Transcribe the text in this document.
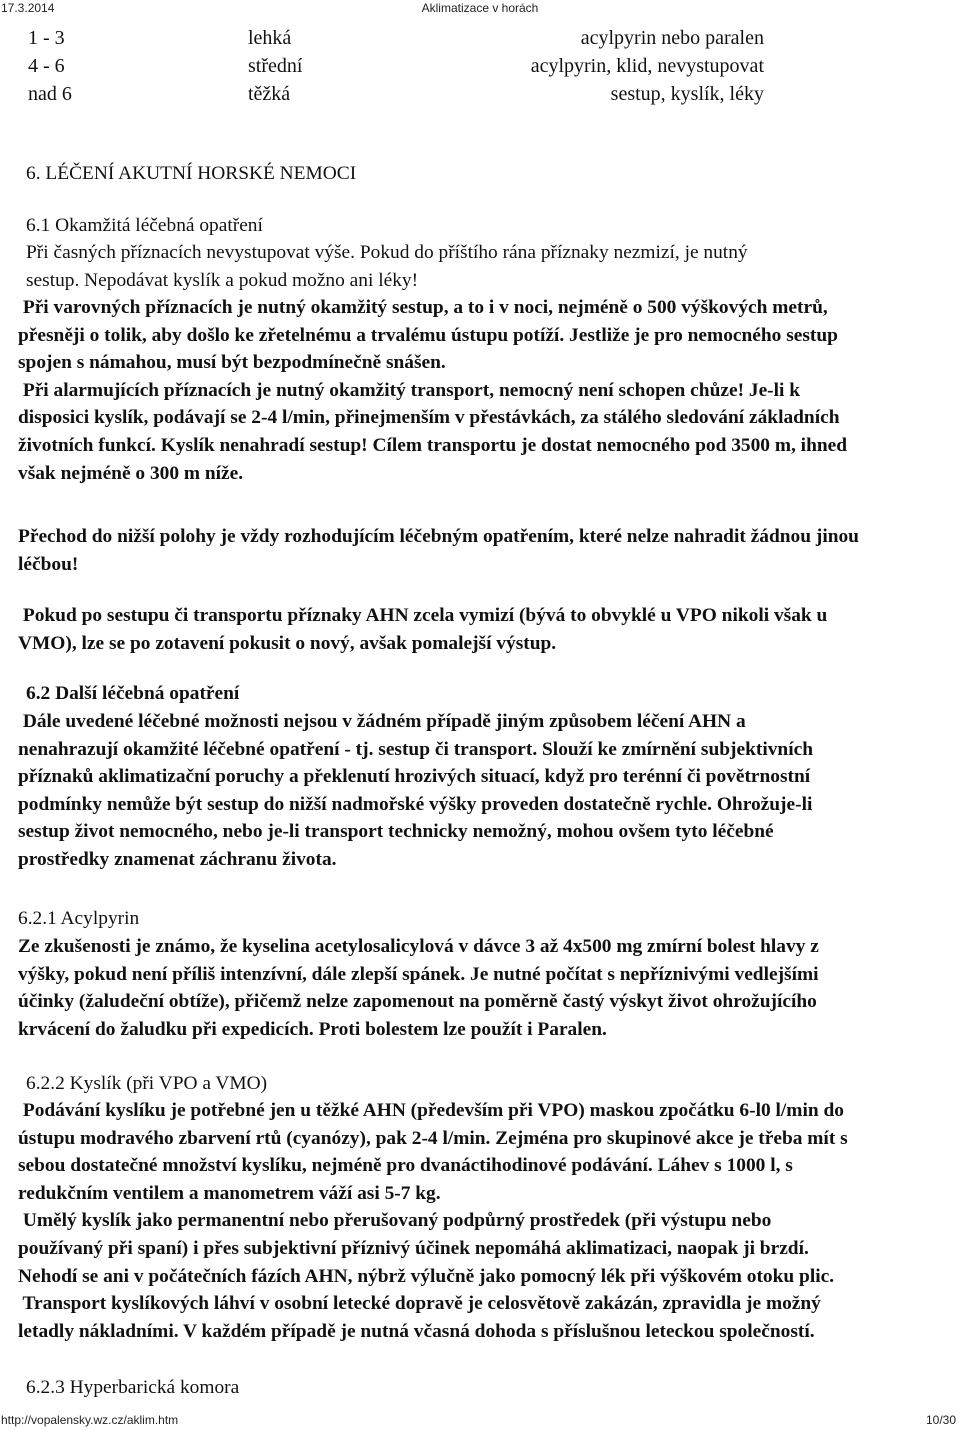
17.3.2014	Aklimatizace v horách
1 - 3	lehká	acylpyrin nebo paralen
4 - 6	střední	acylpyrin, klid, nevystupovat
nad 6	těžká	sestup, kyslík, léky
6. LÉČENÍ AKUTNÍ HORSKÉ NEMOCI
6.1 Okamžitá léčebná opatření
Při časných příznacích nevystupovat výše. Pokud do příštího rána příznaky nezmizí, je nutný
sestup. Nepodávat kyslík a pokud možno ani léky!
Při varovných příznacích je nutný okamžitý sestup, a to i v noci, nejméně o 500 výškových metrů,
přesněji o tolik, aby došlo ke zřetelnému a trvalému ústupu potíží. Jestliže je pro nemocného sestup
spojen s námahou, musí být bezpodmínečně snášen.
Při alarmujících příznacích je nutný okamžitý transport, nemocný není schopen chůze! Je-li k
disposici kyslík, podávají se 2-4 l/min, přinejmenším v přestávkách, za stálého sledování základních
životních funkcí. Kyslík nenahradí sestup! Cílem transportu je dostat nemocného pod 3500 m, ihned
však nejméně o 300 m níže.
Přechod do nižší polohy je vždy rozhodujícím léčebným opatřením, které nelze nahradit žádnou jinou
léčbou!
Pokud po sestupu či transportu příznaky AHN zcela vymizí (bývá to obvyklé u VPO nikoli však u
VMO), lze se po zotavení pokusit o nový, avšak pomalejší výstup.
6.2 Další léčebná opatření
Dále uvedené léčebné možnosti nejsou v žádném případě jiným způsobem léčení AHN a
nenahrazují okamžité léčebné opatření - tj. sestup či transport. Slouží ke zmírnění subjektivních
příznaků aklimatizační poruchy a překlenutí hrozivých situací, když pro terénní či povětrnostní
podmínky nemůže být sestup do nižší nadmořské výšky proveden dostatečně rychle. Ohrožuje-li
sestup život nemocného, nebo je-li transport technicky nemožný, mohou ovšem tyto léčebné
prostředky znamenat záchranu života.
6.2.1 Acylpyrin
Ze zkušenosti je známo, že kyselina acetylosalicylová v dávce 3 až 4x500 mg zmírní bolest hlavy z
výšky, pokud není příliš intenzívní, dále zlepší spánek. Je nutné počítat s nepříznivými vedlejšími
účinky (žaludeční obtíže), přičemž nelze zapomenout na poměrně častý výskyt život ohrožujícího
krvácení do žaludku při expedicích. Proti bolestem lze použít i Paralen.
6.2.2 Kyslík (při VPO a VMO)
Podávání kyslíku je potřebné jen u těžké AHN (především při VPO) maskou zpočátku 6-l0 l/min do
ústupu modravého zbarvení rtů (cyanózy), pak 2-4 l/min. Zejména pro skupinové akce je třeba mít s
sebou dostatečné množství kyslíku, nejméně pro dvanáctihodinové podávání. Láhev s 1000 l, s
redukčním ventilem a manometrem váží asi 5-7 kg.
Umělý kyslík jako permanentní nebo přerušovaný podpůrný prostředek (při výstupu nebo
používaný při spaní) i přes subjektivní příznivý účinek nepomáhá aklimatizaci, naopak ji brzdí.
Nehodí se ani v počátečních fázích AHN, nýbrž výlučně jako pomocný lék při výškovém otoku plic.
Transport kyslíkových láhví v osobní letecké dopravě je celosvětově zakázán, zpravidla je možný
letadly nákladními. V každém případě je nutná včasná dohoda s příslušnou leteckou společností.
6.2.3 Hyperbarická komora
http://vopalensky.wz.cz/aklim.htm	10/30
